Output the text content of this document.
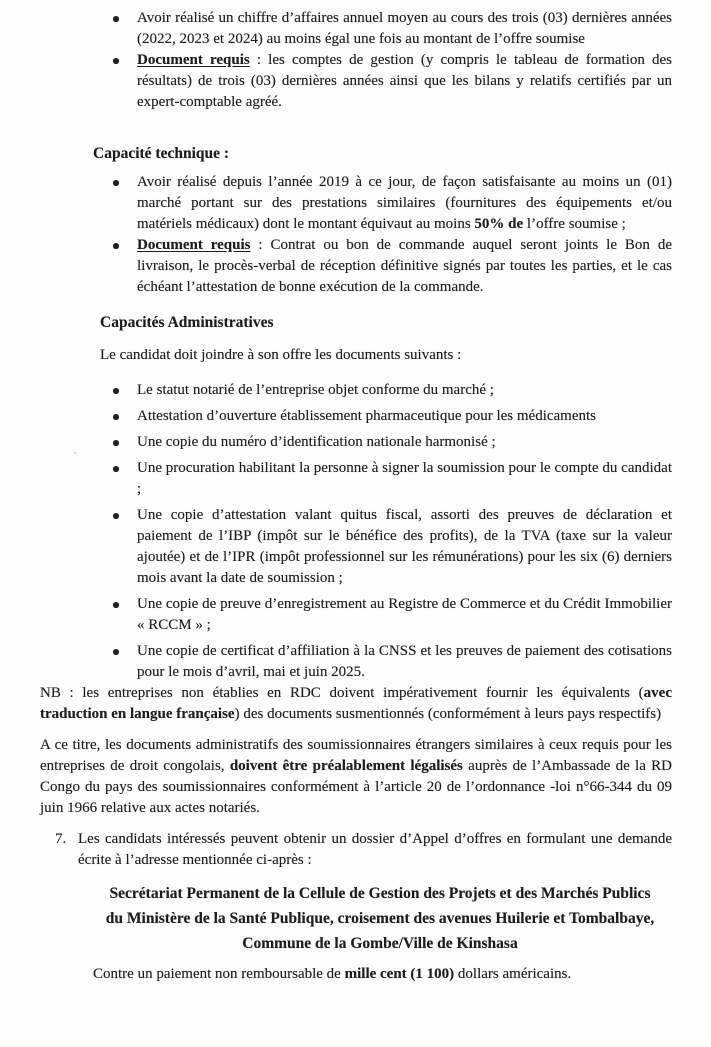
Avoir réalisé un chiffre d’affaires annuel moyen au cours des trois (03) dernières années (2022, 2023 et 2024) au moins égal une fois au montant de l’offre soumise
Document requis : les comptes de gestion (y compris le tableau de formation des résultats) de trois (03) dernières années ainsi que les bilans y relatifs certifiés par un expert-comptable agréé.
Capacité technique :
Avoir réalisé depuis l’année 2019 à ce jour, de façon satisfaisante au moins un (01) marché portant sur des prestations similaires (fournitures des équipements et/ou matériels médicaux) dont le montant équivaut au moins 50% de l’offre soumise ;
Document requis : Contrat ou bon de commande auquel seront joints le Bon de livraison, le procès-verbal de réception définitive signés par toutes les parties, et le cas échéant l’attestation de bonne exécution de la commande.
Capacités Administratives

Le candidat doit joindre à son offre les documents suivants :

Le statut notarié de l’entreprise objet conforme du marché ;
Attestation d’ouverture établissement pharmaceutique pour les médicaments
Une copie du numéro d’identification nationale harmonisé ;
Une procuration habilitant la personne à signer la soumission pour le compte du candidat ;
Une copie d’attestation valant quitus fiscal, assorti des preuves de déclaration et paiement de l’IBP (impôt sur le bénéfice des profits), de la TVA (taxe sur la valeur ajoutée) et de l’IPR (impôt professionnel sur les rémunérations) pour les six (6) derniers mois avant la date de soumission ;
Une copie de preuve d’enregistrement au Registre de Commerce et du Crédit Immobilier « RCCM » ;
Une copie de certificat d’affiliation à la CNSS et les preuves de paiement des cotisations pour le mois d’avril, mai et juin 2025.

NB : les entreprises non établies en RDC doivent impérativement fournir les équivalents (avec traduction en langue française) des documents susmentionnés (conformément à leurs pays respectifs)

A ce titre, les documents administratifs des soumissionnaires étrangers similaires à ceux requis pour les entreprises de droit congolais, doivent être préalablement légalisés auprès de l’Ambassade de la RD Congo du pays des soumissionnaires conformément à l’article 20 de l’ordonnance -loi n°66-344 du 09 juin 1966 relative aux actes notariés.

7. Les candidats intéressés peuvent obtenir un dossier d’Appel d’offres en formulant une demande écrite à l’adresse mentionnée ci-après :

Secrétariat Permanent de la Cellule de Gestion des Projets et des Marchés Publics du Ministère de la Santé Publique, croisement des avenues Huilerie et Tombalbaye, Commune de la Gombe/Ville de Kinshasa

Contre un paiement non remboursable de mille cent (1 100) dollars américains.
